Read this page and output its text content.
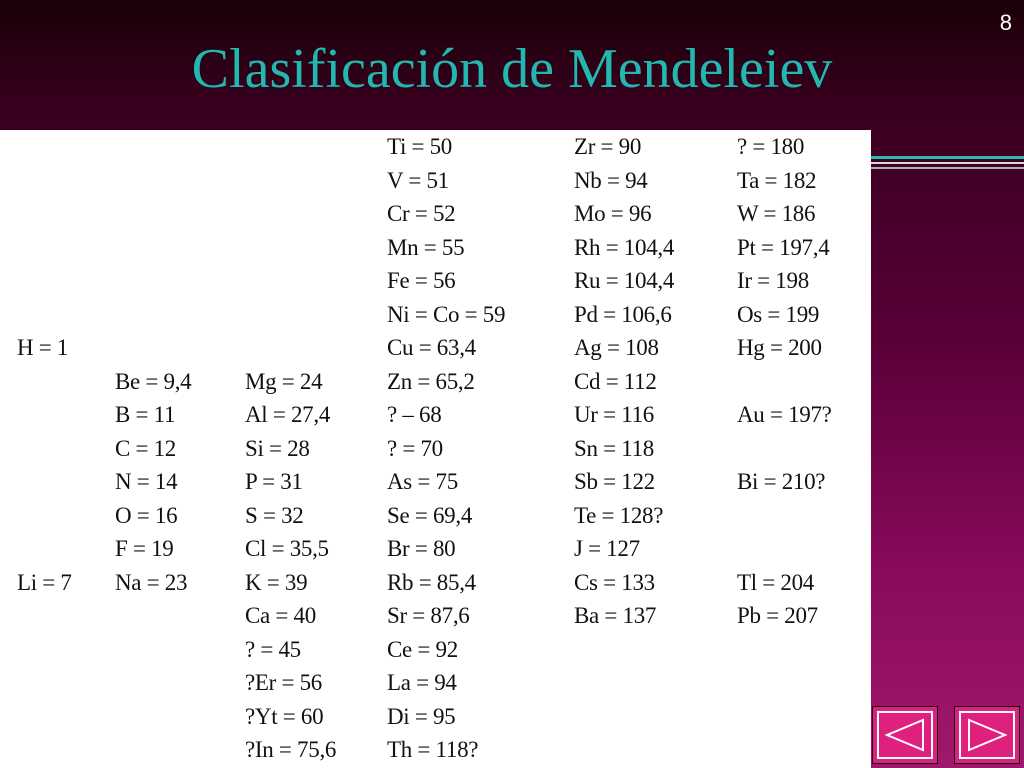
8
Clasificación de Mendeleiev
H = 1
Li = 7
Be = 9,4
B = 11
C = 12
N = 14
O = 16
F = 19
Na = 23
Mg = 24
Al = 27,4
Si = 28
P = 31
S = 32
Cl = 35,5
K = 39
Ca = 40
? = 45
?Er = 56
?Yt = 60
?In = 75,6
Ti = 50
V = 51
Cr = 52
Mn = 55
Fe = 56
Ni = Co = 59
Cu = 63,4
Zn = 65,2
? – 68
? = 70
As = 75
Se = 69,4
Br = 80
Rb = 85,4
Sr = 87,6
Ce = 92
La = 94
Di = 95
Th = 118?
Zr = 90
Nb = 94
Mo = 96
Rh = 104,4
Ru = 104,4
Pd = 106,6
Ag = 108
Cd = 112
Ur = 116
Sn = 118
Sb = 122
Te = 128?
J = 127
Cs = 133
Ba = 137
? = 180
Ta = 182
W = 186
Pt = 197,4
Ir = 198
Os = 199
Hg = 200
Au = 197?
Bi = 210?
Tl = 204
Pb = 207
